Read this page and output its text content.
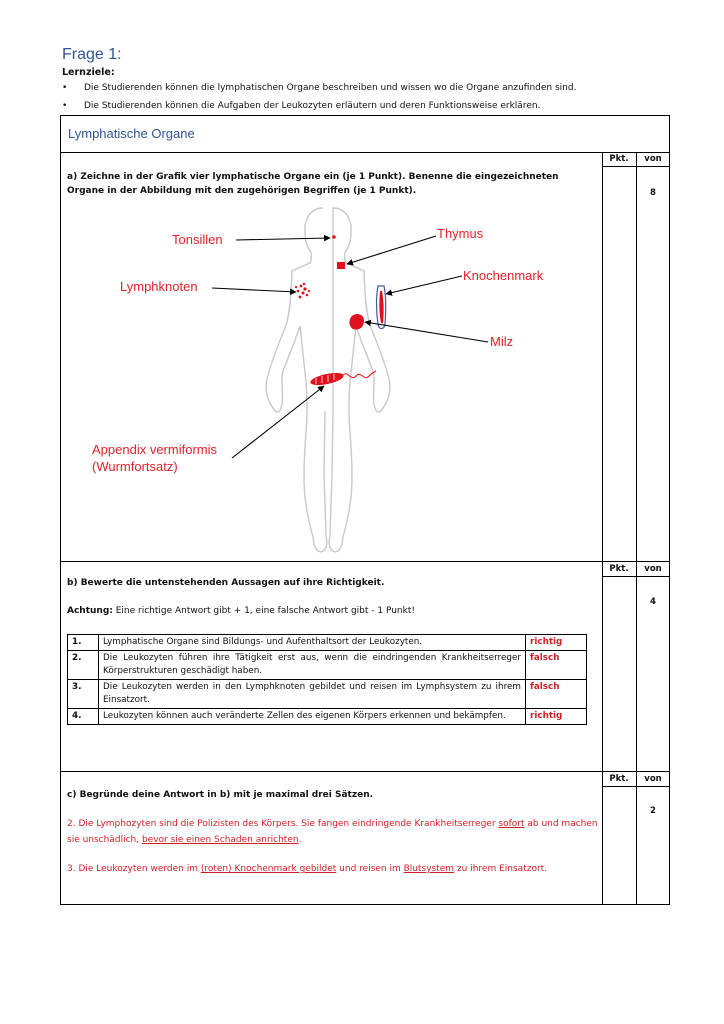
Frage 1:
Lernziele:
• Die Studierenden können die lymphatischen Organe beschreiben und wissen wo die Organe anzufinden sind.
• Die Studierenden können die Aufgaben der Leukozyten erläutern und deren Funktionsweise erklären.
Lymphatische Organe
Pkt.	von
8
Pkt.	von
4
Pkt.	von
2
a) Zeichne in der Grafik vier lymphatische Organe ein (je 1 Punkt). Benenne die eingezeichneten Organe in der Abbildung mit den zugehörigen Begriffen (je 1 Punkt).
Tonsillen	Thymus
Lymphknoten
Knochenmark
Milz
Appendix vermiformis
(Wurmfortsatz)
b) Bewerte die untenstehenden Aussagen auf ihre Richtigkeit.
Achtung: Eine richtige Antwort gibt + 1, eine falsche Antwort gibt - 1 Punkt!
1.	Lymphatische Organe sind Bildungs- und Aufenthaltsort der Leukozyten.	richtig
2.	Die Leukozyten führen ihre Tätigkeit erst aus, wenn die eindringenden Krankheitserreger Körperstrukturen geschädigt haben.	falsch
3.	Die Leukozyten werden in den Lymphknoten gebildet und reisen im Lymphsystem zu ihrem Einsatzort.	falsch
4.	Leukozyten können auch veränderte Zellen des eigenen Körpers erkennen und bekämpfen.	richtig
c) Begründe deine Antwort in b) mit je maximal drei Sätzen.
2. Die Lymphozyten sind die Polizisten des Körpers. Sie fangen eindringende Krankheitserreger sofort ab und machen sie unschädlich, bevor sie einen Schaden anrichten.
3. Die Leukozyten werden im (roten) Knochenmark gebildet und reisen im Blutsystem zu ihrem Einsatzort.
